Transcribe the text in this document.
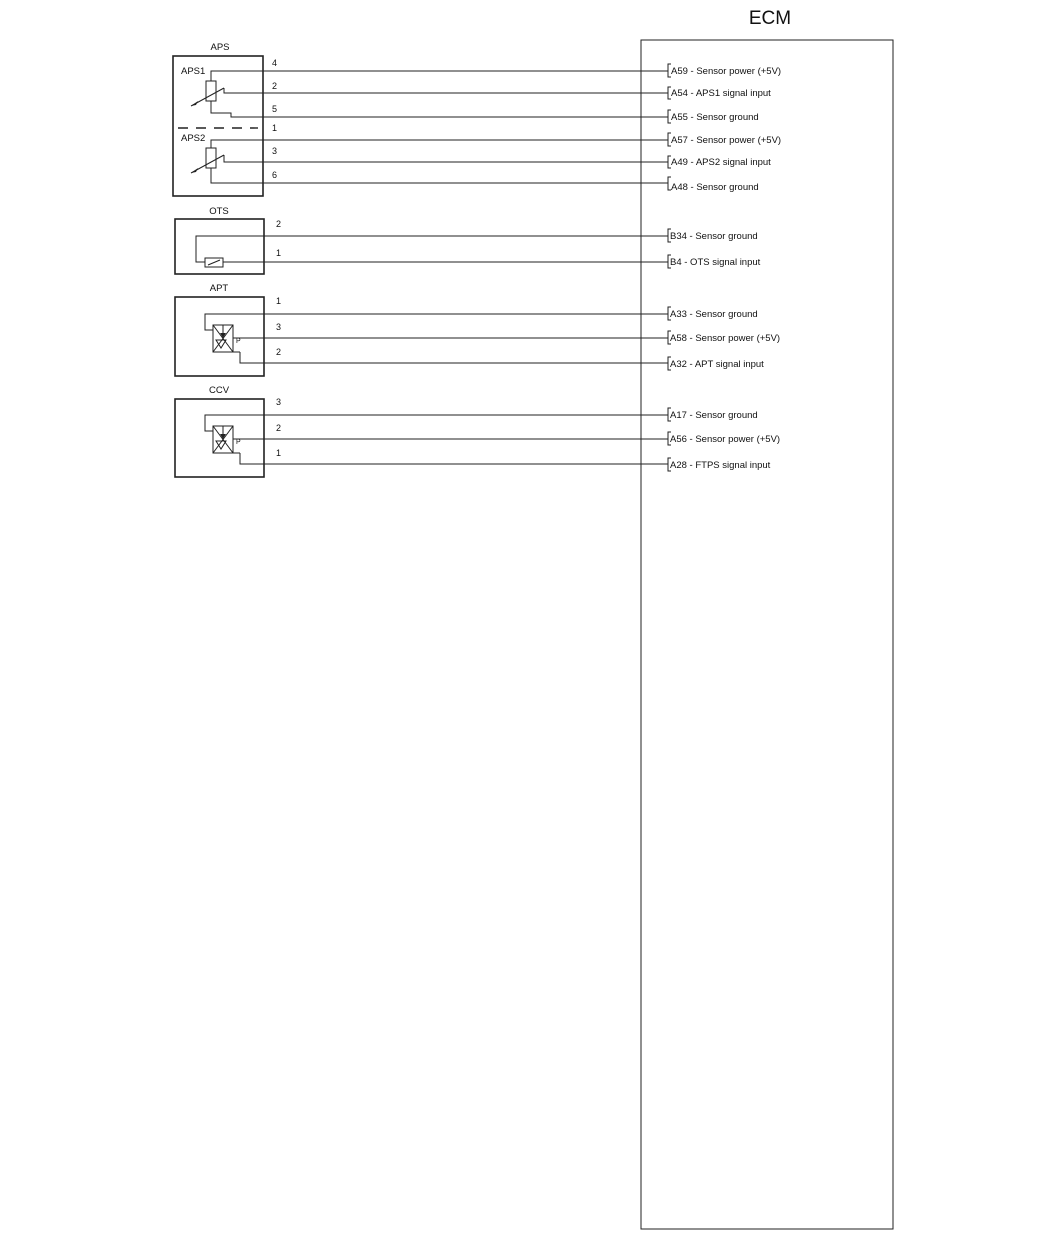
ECM
APS
APS1
APS2
4
2
5
1
3
6
A59 - Sensor power (+5V)
A54 - APS1 signal input
A55 - Sensor ground
A57 - Sensor power (+5V)
A49 - APS2 signal input
A48 - Sensor ground
OTS
2
1
B34 - Sensor ground
B4 - OTS signal input
APT
P
1
3
2
A33 - Sensor ground
A58 - Sensor power (+5V)
A32 - APT signal input
CCV
P
3
2
1
A17 - Sensor ground
A56 - Sensor power (+5V)
A28 - FTPS signal input
